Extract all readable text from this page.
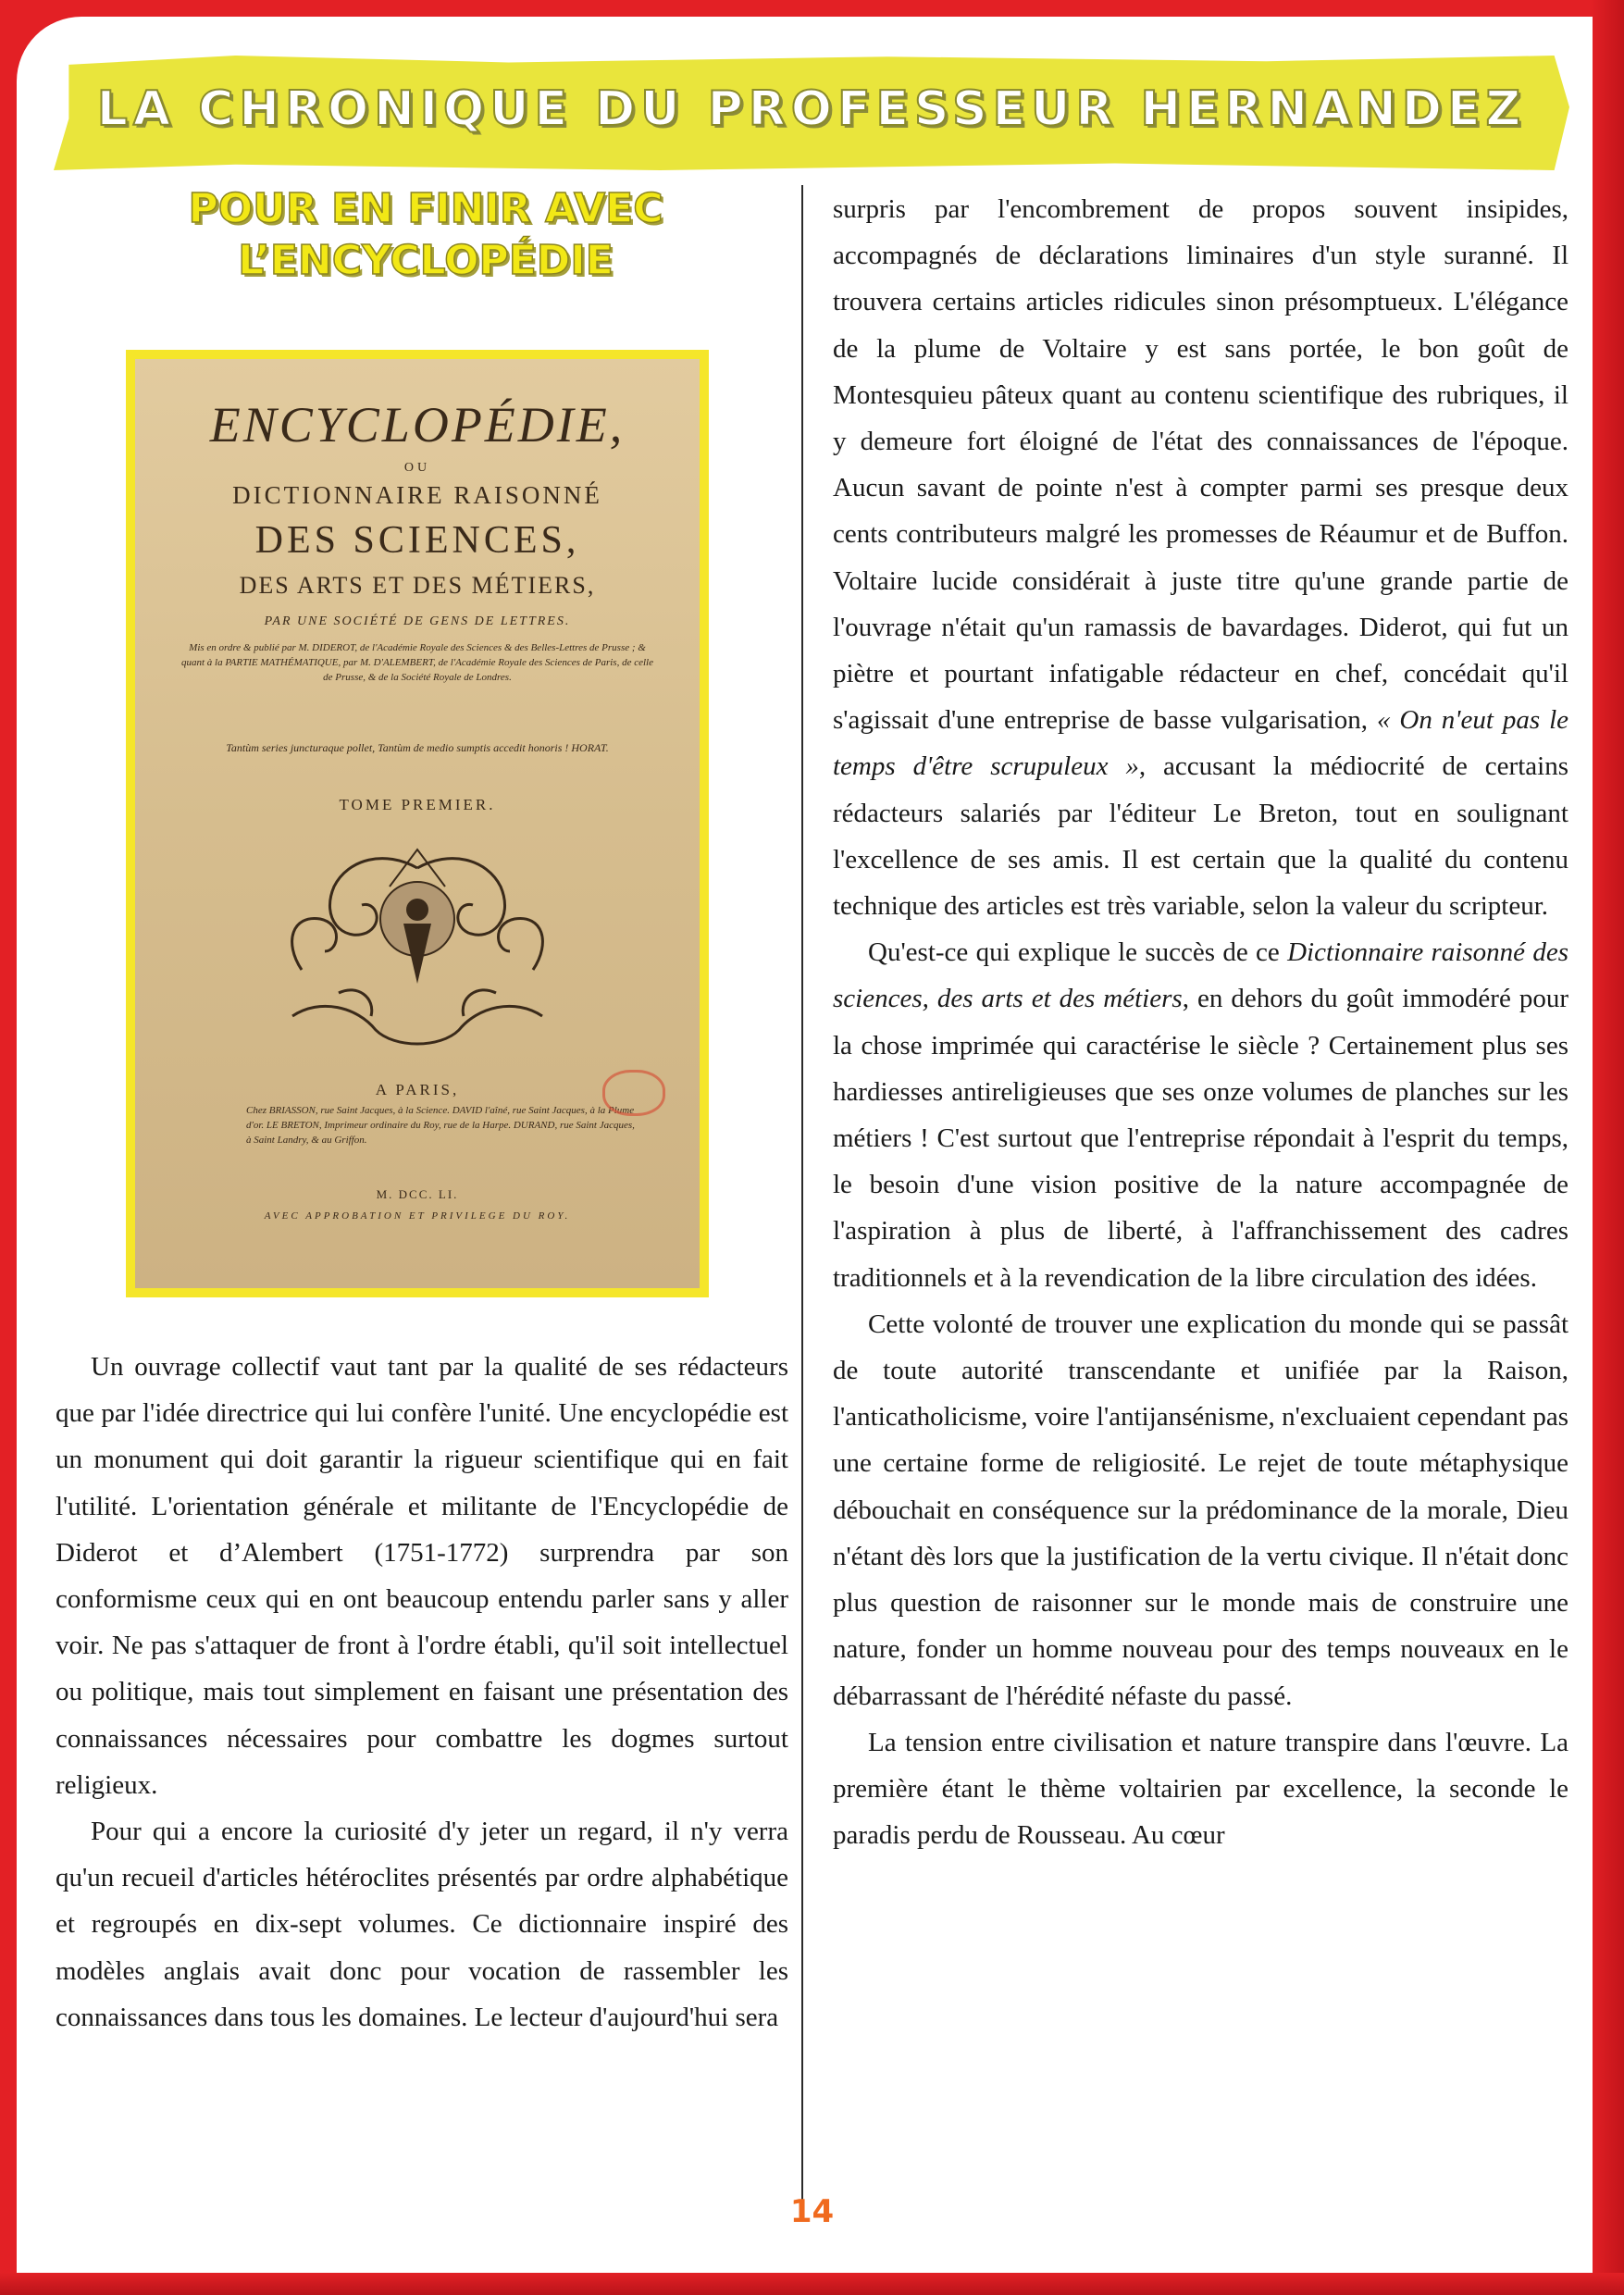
LA CHRONIQUE DU PROFESSEUR HERNANDEZ
POUR EN FINIR AVEC L’ENCYCLOPÉDIE
ENCYCLOPÉDIE,
OU
DICTIONNAIRE RAISONNÉ
DES SCIENCES,
DES ARTS ET DES MÉTIERS,
PAR UNE SOCIÉTÉ DE GENS DE LETTRES.
Mis en ordre & publié par M. DIDEROT, de l'Académie Royale des Sciences & des Belles-Lettres de Prusse ; & quant à la PARTIE MATHÉMATIQUE, par M. D'ALEMBERT, de l'Académie Royale des Sciences de Paris, de celle de Prusse, & de la Société Royale de Londres.
Tantùm series juncturaque pollet, Tantùm de medio sumptis accedit honoris ! HORAT.
TOME PREMIER.
A PARIS,
Chez BRIASSON, rue Saint Jacques, à la Science. DAVID l'aîné, rue Saint Jacques, à la Plume d'or. LE BRETON, Imprimeur ordinaire du Roy, rue de la Harpe. DURAND, rue Saint Jacques, à Saint Landry, & au Griffon.
M. DCC. LI.
AVEC APPROBATION ET PRIVILEGE DU ROY.

Un ouvrage collectif vaut tant par la qualité de ses rédacteurs que par l'idée directrice qui lui confère l'unité. Une encyclopédie est un monument qui doit garantir la rigueur scientifique qui en fait l'utilité. L'orientation générale et militante de l'Encyclopédie de Diderot et d’Alembert (1751-1772) surprendra par son conformisme ceux qui en ont beaucoup entendu parler sans y aller voir. Ne pas s'attaquer de front à l'ordre établi, qu'il soit intellectuel ou politique, mais tout simplement en faisant une présentation des connaissances nécessaires pour combattre les dogmes surtout religieux.

Pour qui a encore la curiosité d'y jeter un regard, il n'y verra qu'un recueil d'articles hétéroclites présentés par ordre alphabétique et regroupés en dix-sept volumes. Ce dictionnaire inspiré des modèles anglais avait donc pour vocation de rassembler les connaissances dans tous les domaines. Le lecteur d'aujourd'hui sera

surpris par l'encombrement de propos souvent insipides, accompagnés de déclarations liminaires d'un style suranné. Il trouvera certains articles ridicules sinon présomptueux. L'élégance de la plume de Voltaire y est sans portée, le bon goût de Montesquieu pâteux quant au contenu scientifique des rubriques, il y demeure fort éloigné de l'état des connaissances de l'époque. Aucun savant de pointe n'est à compter parmi ses presque deux cents contributeurs malgré les promesses de Réaumur et de Buffon. Voltaire lucide considérait à juste titre qu'une grande partie de l'ouvrage n'était qu'un ramassis de bavardages. Diderot, qui fut un piètre et pourtant infatigable rédacteur en chef, concédait qu'il s'agissait d'une entreprise de basse vulgarisation, « On n'eut pas le temps d'être scrupuleux », accusant la médiocrité de certains rédacteurs salariés par l'éditeur Le Breton, tout en soulignant l'excellence de ses amis. Il est certain que la qualité du contenu technique des articles est très variable, selon la valeur du scripteur.

Qu'est-ce qui explique le succès de ce Dictionnaire raisonné des sciences, des arts et des métiers, en dehors du goût immodéré pour la chose imprimée qui caractérise le siècle ? Certainement plus ses hardiesses antireligieuses que ses onze volumes de planches sur les métiers ! C'est surtout que l'entreprise répondait à l'esprit du temps, le besoin d'une vision positive de la nature accompagnée de l'aspiration à plus de liberté, à l'affranchissement des cadres traditionnels et à la revendication de la libre circulation des idées.

Cette volonté de trouver une explication du monde qui se passât de toute autorité transcendante et unifiée par la Raison, l'anticatholicisme, voire l'antijansénisme, n'excluaient cependant pas une certaine forme de religiosité. Le rejet de toute métaphysique débouchait en conséquence sur la prédominance de la morale, Dieu n'étant dès lors que la justification de la vertu civique. Il n'était donc plus question de raisonner sur le monde mais de construire une nature, fonder un homme nouveau pour des temps nouveaux en le débarrassant de l'hérédité néfaste du passé.

La tension entre civilisation et nature transpire dans l'œuvre. La première étant le thème voltairien par excellence, la seconde le paradis perdu de Rousseau. Au cœur

14
